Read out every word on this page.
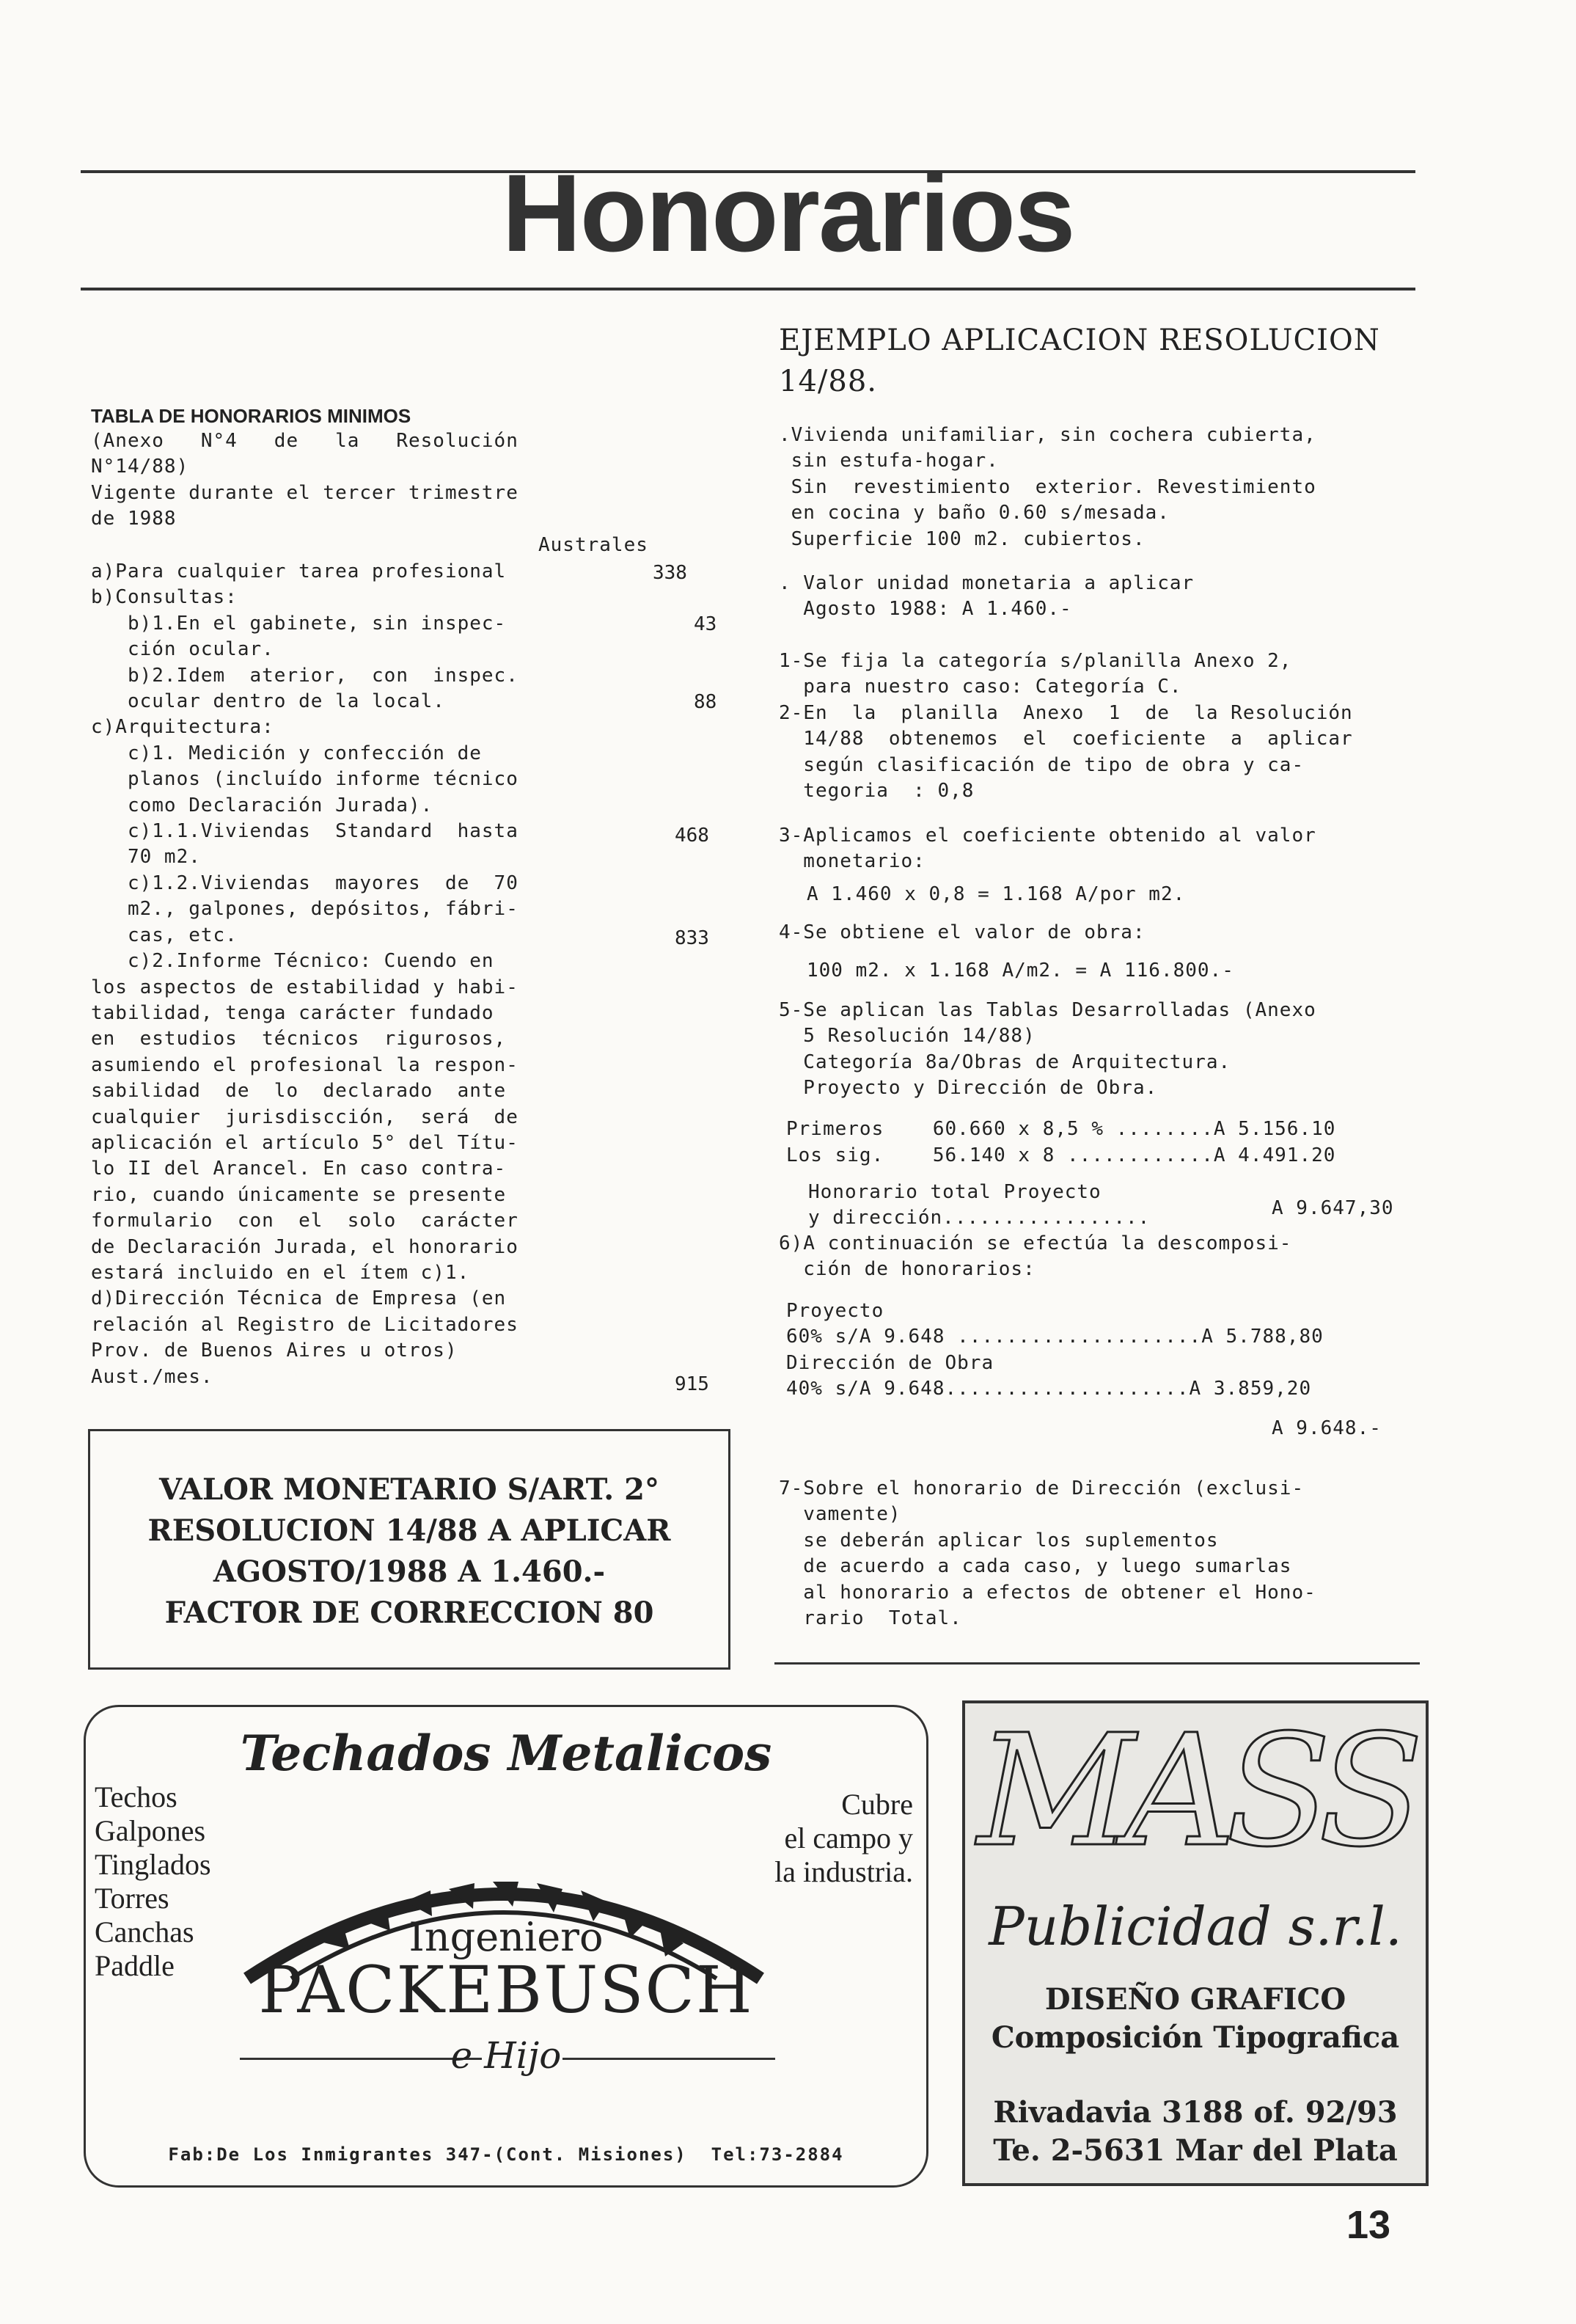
Honorarios
TABLA DE HONORARIOS MINIMOS
(Anexo   N°4   de   la   Resolución
N°14/88)
Vigente durante el tercer trimestre
de 1988
Australes
a)Para cualquier tarea profesional
b)Consultas:
b)1.En el gabinete, sin inspec-
ción ocular.
b)2.Idem  aterior,  con  inspec.
ocular dentro de la local.
c)Arquitectura:
c)1. Medición y confección de
planos (incluído informe técnico
como Declaración Jurada).
c)1.1.Viviendas  Standard  hasta
70 m2.
c)1.2.Viviendas  mayores  de  70
m2., galpones, depósitos, fábri-
cas, etc.
c)2.Informe Técnico: Cuendo en
los aspectos de estabilidad y habi-
tabilidad, tenga carácter fundado
en  estudios  técnicos  rigurosos,
asumiendo el profesional la respon-
sabilidad  de  lo  declarado  ante
cualquier  jurisdiscción,  será  de
aplicación el artículo 5° del Títu-
lo II del Arancel. En caso contra-
rio, cuando únicamente se presente
formulario  con  el  solo  carácter
de Declaración Jurada, el honorario
estará incluido en el ítem c)1.
d)Dirección Técnica de Empresa (en
relación al Registro de Licitadores
Prov. de Buenos Aires u otros)
Aust./mes.
338
43
88
468
833
915
VALOR MONETARIO S/ART. 2°
RESOLUCION 14/88 A APLICAR
AGOSTO/1988 A 1.460.-
FACTOR DE CORRECCION 80
EJEMPLO APLICACION RESOLUCION
14/88.
.Vivienda unifamiliar, sin cochera cubierta,
sin estufa-hogar.
Sin  revestimiento  exterior. Revestimiento
en cocina y baño 0.60 s/mesada.
Superficie 100 m2. cubiertos.
. Valor unidad monetaria a aplicar
Agosto 1988: A 1.460.-
1-Se fija la categoría s/planilla Anexo 2,
para nuestro caso: Categoría C.
2-En  la  planilla  Anexo  1  de  la Resolución
14/88  obtenemos  el  coeficiente  a  aplicar
según clasificación de tipo de obra y ca-
tegoria  : 0,8
3-Aplicamos el coeficiente obtenido al valor
monetario:
A 1.460 x 0,8 = 1.168 A/por m2.
4-Se obtiene el valor de obra:
100 m2. x 1.168 A/m2. = A 116.800.-
5-Se aplican las Tablas Desarrolladas (Anexo
5 Resolución 14/88)
Categoría 8a/Obras de Arquitectura.
Proyecto y Dirección de Obra.
Primeros    60.660 x 8,5 % ........A 5.156.10
Los sig.    56.140 x 8 ............A 4.491.20
Honorario total Proyecto
y dirección.................	A 9.647,30
6)A continuación se efectúa la descomposi-
ción de honorarios:
Proyecto
60% s/A 9.648 ....................A 5.788,80
Dirección de Obra
40% s/A 9.648....................A 3.859,20
A 9.648.-
7-Sobre el honorario de Dirección (exclusi-
vamente)
se deberán aplicar los suplementos
de acuerdo a cada caso, y luego sumarlas
al honorario a efectos de obtener el Hono-
rario  Total.
Techados Metalicos
Techos
Galpones
Tinglados
Torres
Canchas
Paddle
Cubre
el campo y
la industria.
Ingeniero
PACKEBUSCH
e Hijo
Fab:De Los Inmigrantes 347-(Cont. Misiones)  Tel:73-2884
MASS
Publicidad s.r.l.
DISEÑO GRAFICO
Composición Tipografica
Rivadavia 3188 of. 92/93
Te. 2-5631 Mar del Plata
13
